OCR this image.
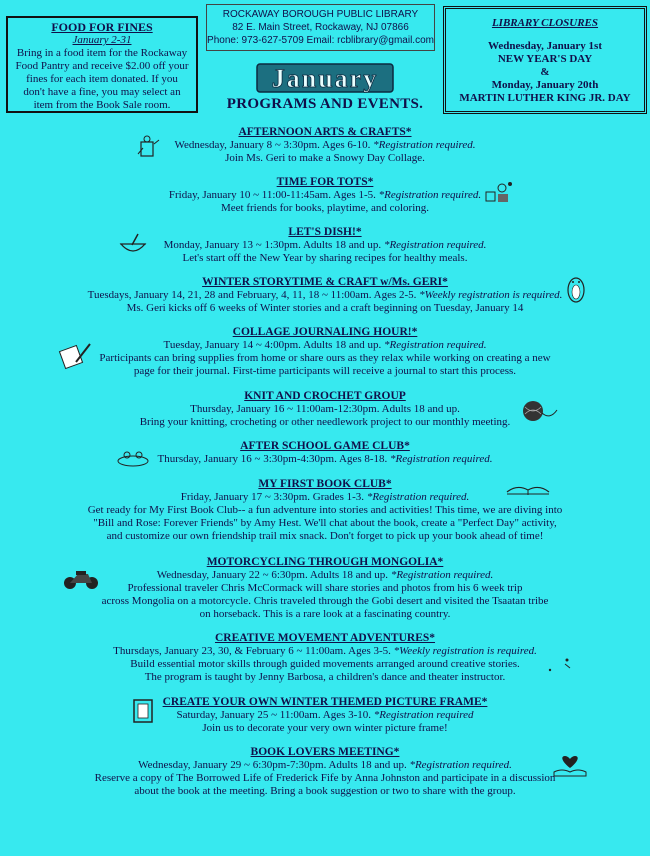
FOOD FOR FINES
January 2-31
Bring in a food item for the Rockaway
Food Pantry and receive $2.00 off your
fines for each item donated. If you
don't have a fine, you may select an
item from the Book Sale room.
ROCKAWAY BOROUGH PUBLIC LIBRARY
82 E. Main Street, Rockaway, NJ 07866
Phone: 973-627-5709 Email: rcblibrary@gmail.com
LIBRARY CLOSURES
Wednesday, January 1st
NEW YEAR'S DAY
&
Monday, January 20th
MARTIN LUTHER KING JR. DAY
January
PROGRAMS AND EVENTS.
AFTERNOON ARTS & CRAFTS*
Wednesday, January 8 ~ 3:30pm. Ages 6-10. *Registration required.
Join Ms. Geri to make a Snowy Day Collage.
TIME FOR TOTS*
Friday, January 10 ~ 11:00-11:45am. Ages 1-5. *Registration required.
Meet friends for books, playtime, and coloring.
LET'S DISH!*
Monday, January 13 ~ 1:30pm. Adults 18 and up. *Registration required.
Let's start off the New Year by sharing recipes for healthy meals.
WINTER STORYTIME & CRAFT w/Ms. GERI*
Tuesdays, January 14, 21, 28 and February, 4, 11, 18 ~ 11:00am. Ages 2-5. *Weekly registration is required.
Ms. Geri kicks off 6 weeks of Winter stories and a craft beginning on Tuesday, January 14
COLLAGE JOURNALING HOUR!*
Tuesday, January 14 ~ 4:00pm. Adults 18 and up. *Registration required.
Participants can bring supplies from home or share ours as they relax while working on creating a new
page for their journal. First-time participants will receive a journal to start this process.
KNIT AND CROCHET GROUP
Thursday, January 16 ~ 11:00am-12:30pm. Adults 18 and up.
Bring your knitting, crocheting or other needlework project to our monthly meeting.
AFTER SCHOOL GAME CLUB*
Thursday, January 16 ~ 3:30pm-4:30pm. Ages 8-18. *Registration required.
MY FIRST BOOK CLUB*
Friday, January 17 ~ 3:30pm. Grades 1-3. *Registration required.
Get ready for My First Book Club-- a fun adventure into stories and activities! This time, we are diving into
"Bill and Rose: Forever Friends" by Amy Hest. We'll chat about the book, create a "Perfect Day" activity,
and customize our own friendship trail mix snack. Don't forget to pick up your book ahead of time!
MOTORCYCLING THROUGH MONGOLIA*
Wednesday, January 22 ~ 6:30pm. Adults 18 and up. *Registration required.
Professional traveler Chris McCormack will share stories and photos from his 6 week trip
across Mongolia on a motorcycle. Chris traveled through the Gobi desert and visited the Tsaatan tribe
on horseback. This is a rare look at a fascinating country.
CREATIVE MOVEMENT ADVENTURES*
Thursdays, January 23, 30, & February 6 ~ 11:00am. Ages 3-5. *Weekly registration is required.
Build essential motor skills through guided movements arranged around creative stories.
The program is taught by Jenny Barbosa, a children's dance and theater instructor.
CREATE YOUR OWN WINTER THEMED PICTURE FRAME*
Saturday, January 25 ~ 11:00am. Ages 3-10. *Registration required
Join us to decorate your very own winter picture frame!
BOOK LOVERS MEETING*
Wednesday, January 29 ~ 6:30pm-7:30pm. Adults 18 and up. *Registration required.
Reserve a copy of The Borrowed Life of Frederick Fife by Anna Johnston and participate in a discussion
about the book at the meeting. Bring a book suggestion or two to share with the group.
